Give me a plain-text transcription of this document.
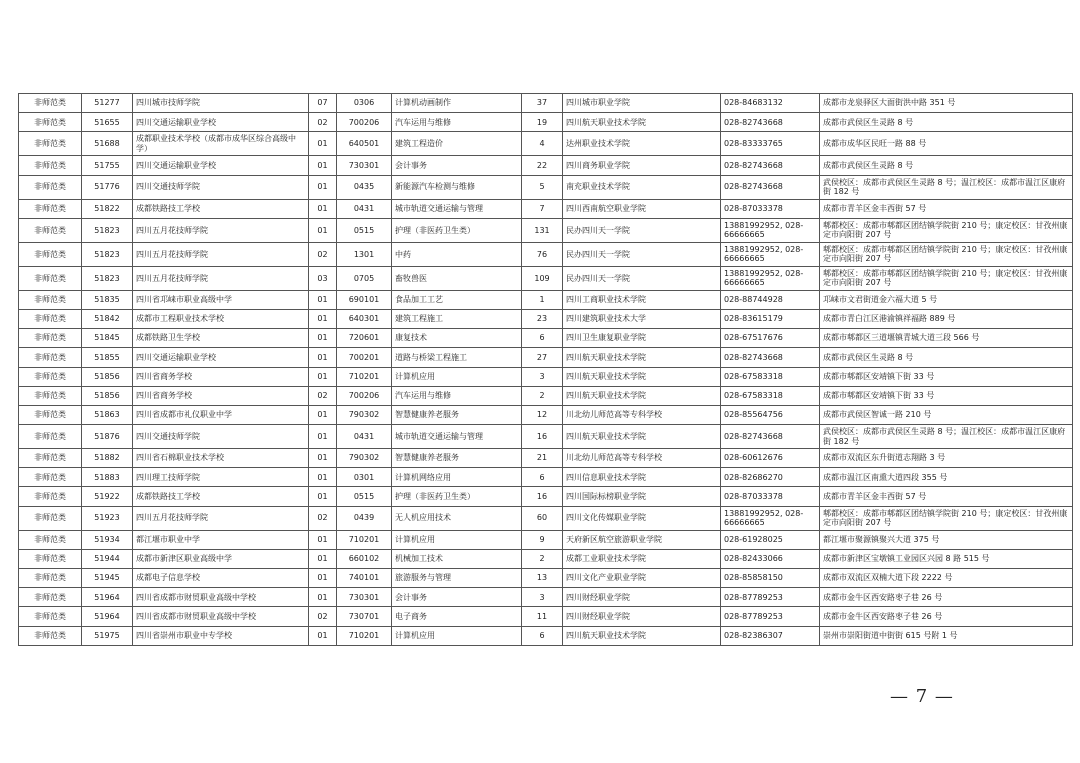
非师范类	51277	四川城市技师学院	07	0306	计算机动画制作	37	四川城市职业学院	028-84683132	成都市龙泉驿区大面街洪中路 351 号
非师范类	51655	四川交通运输职业学校	02	700206	汽车运用与维修	19	四川航天职业技术学院	028-82743668	成都市武侯区生灵路 8 号
非师范类	51688	成都职业技术学校（成都市成华区综合高级中学）	01	640501	建筑工程造价	4	达州职业技术学院	028-83333765	成都市成华区民旺一路 88 号
非师范类	51755	四川交通运输职业学校	01	730301	会计事务	22	四川商务职业学院	028-82743668	成都市武侯区生灵路 8 号
非师范类	51776	四川交通技师学院	01	0435	新能源汽车检测与维修	5	南充职业技术学院	028-82743668	武侯校区：成都市武侯区生灵路 8 号；温江校区：成都市温江区康府街 182 号
非师范类	51822	成都铁路技工学校	01	0431	城市轨道交通运输与管理	7	四川西南航空职业学院	028-87033378	成都市青羊区金丰西街 57 号
非师范类	51823	四川五月花技师学院	01	0515	护理（非医药卫生类）	131	民办四川天一学院	13881992952, 028-66666665	郫都校区：成都市郫都区团结镇学院街 210 号；康定校区：甘孜州康定市向阳街 207 号
非师范类	51823	四川五月花技师学院	02	1301	中药	76	民办四川天一学院	13881992952, 028-66666665	郫都校区：成都市郫都区团结镇学院街 210 号；康定校区：甘孜州康定市向阳街 207 号
非师范类	51823	四川五月花技师学院	03	0705	畜牧兽医	109	民办四川天一学院	13881992952, 028-66666665	郫都校区：成都市郫都区团结镇学院街 210 号；康定校区：甘孜州康定市向阳街 207 号
非师范类	51835	四川省邛崃市职业高级中学	01	690101	食品加工工艺	1	四川工商职业技术学院	028-88744928	邛崃市文君街道金六福大道 5 号
非师范类	51842	成都市工程职业技术学校	01	640301	建筑工程施工	23	四川建筑职业技术大学	028-83615179	成都市青白江区港渝镇祥福路 889 号
非师范类	51845	成都铁路卫生学校	01	720601	康复技术	6	四川卫生康复职业学院	028-67517676	成都市郫都区三道堰镇青城大道三段 566 号
非师范类	51855	四川交通运输职业学校	01	700201	道路与桥梁工程施工	27	四川航天职业技术学院	028-82743668	成都市武侯区生灵路 8 号
非师范类	51856	四川省商务学校	01	710201	计算机应用	3	四川航天职业技术学院	028-67583318	成都市郫都区安靖镇下街 33 号
非师范类	51856	四川省商务学校	02	700206	汽车运用与维修	2	四川航天职业技术学院	028-67583318	成都市郫都区安靖镇下街 33 号
非师范类	51863	四川省成都市礼仪职业中学	01	790302	智慧健康养老服务	12	川北幼儿师范高等专科学校	028-85564756	成都市武侯区智诚一路 210 号
非师范类	51876	四川交通技师学院	01	0431	城市轨道交通运输与管理	16	四川航天职业技术学院	028-82743668	武侯校区：成都市武侯区生灵路 8 号；温江校区：成都市温江区康府街 182 号
非师范类	51882	四川省石棉职业技术学校	01	790302	智慧健康养老服务	21	川北幼儿师范高等专科学校	028-60612676	成都市双流区东升街道志翔路 3 号
非师范类	51883	四川理工技师学院	01	0301	计算机网络应用	6	四川信息职业技术学院	028-82686270	成都市温江区南熏大道四段 355 号
非师范类	51922	成都铁路技工学校	01	0515	护理（非医药卫生类）	16	四川国际标榜职业学院	028-87033378	成都市青羊区金丰西街 57 号
非师范类	51923	四川五月花技师学院	02	0439	无人机应用技术	60	四川文化传媒职业学院	13881992952, 028-66666665	郫都校区：成都市郫都区团结镇学院街 210 号；康定校区：甘孜州康定市向阳街 207 号
非师范类	51934	都江堰市职业中学	01	710201	计算机应用	9	天府新区航空旅游职业学院	028-61928025	都江堰市聚源镇聚兴大道 375 号
非师范类	51944	成都市新津区职业高级中学	01	660102	机械加工技术	2	成都工业职业技术学院	028-82433066	成都市新津区宝墩镇工业园区兴园 8 路 515 号
非师范类	51945	成都电子信息学校	01	740101	旅游服务与管理	13	四川文化产业职业学院	028-85858150	成都市双流区双楠大道下段 2222 号
非师范类	51964	四川省成都市财贸职业高级中学校	01	730301	会计事务	3	四川财经职业学院	028-87789253	成都市金牛区西安路枣子巷 26 号
非师范类	51964	四川省成都市财贸职业高级中学校	02	730701	电子商务	11	四川财经职业学院	028-87789253	成都市金牛区西安路枣子巷 26 号
非师范类	51975	四川省崇州市职业中专学校	01	710201	计算机应用	6	四川航天职业技术学院	028-82386307	崇州市崇阳街道中街街 615 号附 1 号
— 7 —
